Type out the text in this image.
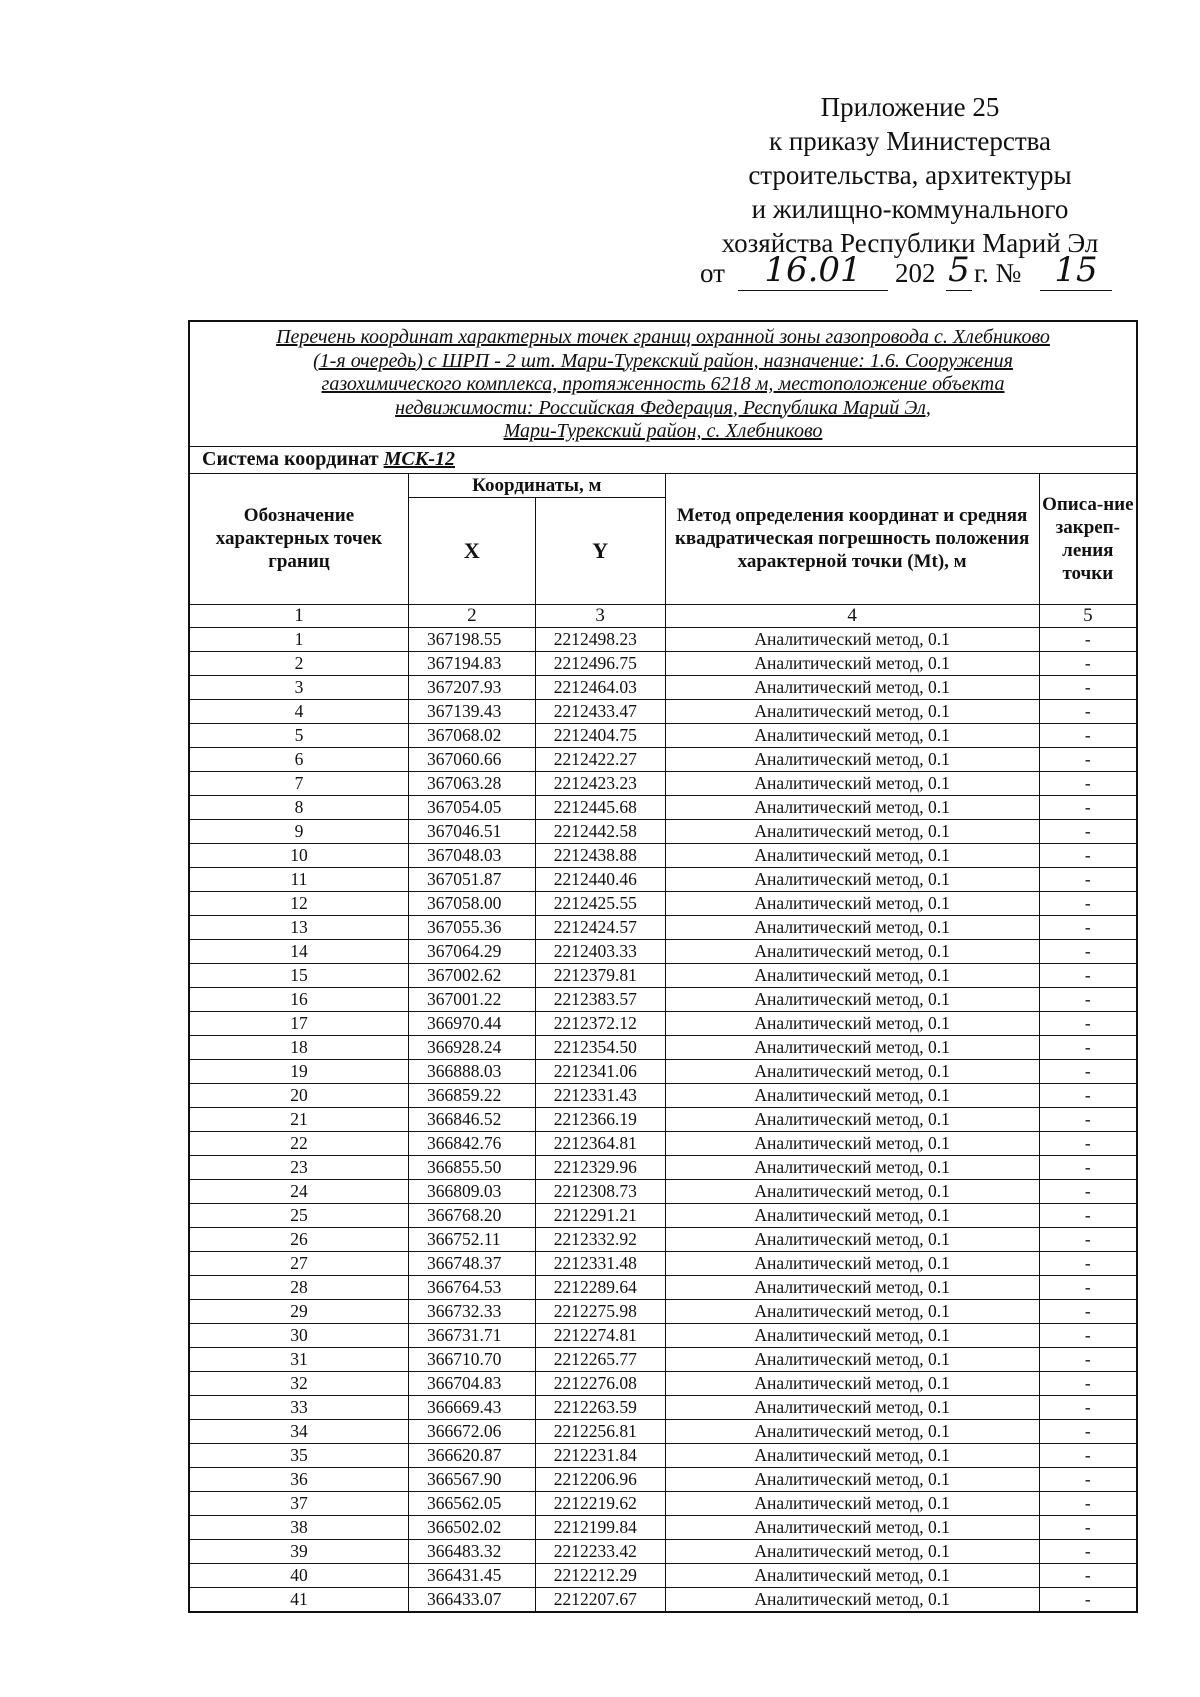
Приложение 25
к приказу Министерства
строительства, архитектуры
и жилищно-коммунального
хозяйства Республики Марий Эл
от	16.01	202 5 г. № 15
Перечень координат характерных точек границ охранной зоны газопровода с. Хлебниково
(1-я очередь) с ШРП - 2 шт. Мари-Турекский район, назначение: 1.6. Сооружения
газохимического комплекса, протяженность 6218 м, местоположение объекта
недвижимости: Российская Федерация, Республика Марий Эл,
Мари-Турекский район, с. Хлебниково				

Система координат МСК-12				
Обозначение характерных точек границ	Координаты, м		Метод определения координат и средняя квадратическая погрешность положения характерной точки (Mt), м	Описа-ние закреп-ления точки
	X	Y		
1	2	3	4	5
1	367198.55	2212498.23	Аналитический метод, 0.1	-
2	367194.83	2212496.75	Аналитический метод, 0.1	-
3	367207.93	2212464.03	Аналитический метод, 0.1	-
4	367139.43	2212433.47	Аналитический метод, 0.1	-
5	367068.02	2212404.75	Аналитический метод, 0.1	-
6	367060.66	2212422.27	Аналитический метод, 0.1	-
7	367063.28	2212423.23	Аналитический метод, 0.1	-
8	367054.05	2212445.68	Аналитический метод, 0.1	-
9	367046.51	2212442.58	Аналитический метод, 0.1	-
10	367048.03	2212438.88	Аналитический метод, 0.1	-
11	367051.87	2212440.46	Аналитический метод, 0.1	-
12	367058.00	2212425.55	Аналитический метод, 0.1	-
13	367055.36	2212424.57	Аналитический метод, 0.1	-
14	367064.29	2212403.33	Аналитический метод, 0.1	-
15	367002.62	2212379.81	Аналитический метод, 0.1	-
16	367001.22	2212383.57	Аналитический метод, 0.1	-
17	366970.44	2212372.12	Аналитический метод, 0.1	-
18	366928.24	2212354.50	Аналитический метод, 0.1	-
19	366888.03	2212341.06	Аналитический метод, 0.1	-
20	366859.22	2212331.43	Аналитический метод, 0.1	-
21	366846.52	2212366.19	Аналитический метод, 0.1	-
22	366842.76	2212364.81	Аналитический метод, 0.1	-
23	366855.50	2212329.96	Аналитический метод, 0.1	-
24	366809.03	2212308.73	Аналитический метод, 0.1	-
25	366768.20	2212291.21	Аналитический метод, 0.1	-
26	366752.11	2212332.92	Аналитический метод, 0.1	-
27	366748.37	2212331.48	Аналитический метод, 0.1	-
28	366764.53	2212289.64	Аналитический метод, 0.1	-
29	366732.33	2212275.98	Аналитический метод, 0.1	-
30	366731.71	2212274.81	Аналитический метод, 0.1	-
31	366710.70	2212265.77	Аналитический метод, 0.1	-
32	366704.83	2212276.08	Аналитический метод, 0.1	-
33	366669.43	2212263.59	Аналитический метод, 0.1	-
34	366672.06	2212256.81	Аналитический метод, 0.1	-
35	366620.87	2212231.84	Аналитический метод, 0.1	-
36	366567.90	2212206.96	Аналитический метод, 0.1	-
37	366562.05	2212219.62	Аналитический метод, 0.1	-
38	366502.02	2212199.84	Аналитический метод, 0.1	-
39	366483.32	2212233.42	Аналитический метод, 0.1	-
40	366431.45	2212212.29	Аналитический метод, 0.1	-
41	366433.07	2212207.67	Аналитический метод, 0.1	-
